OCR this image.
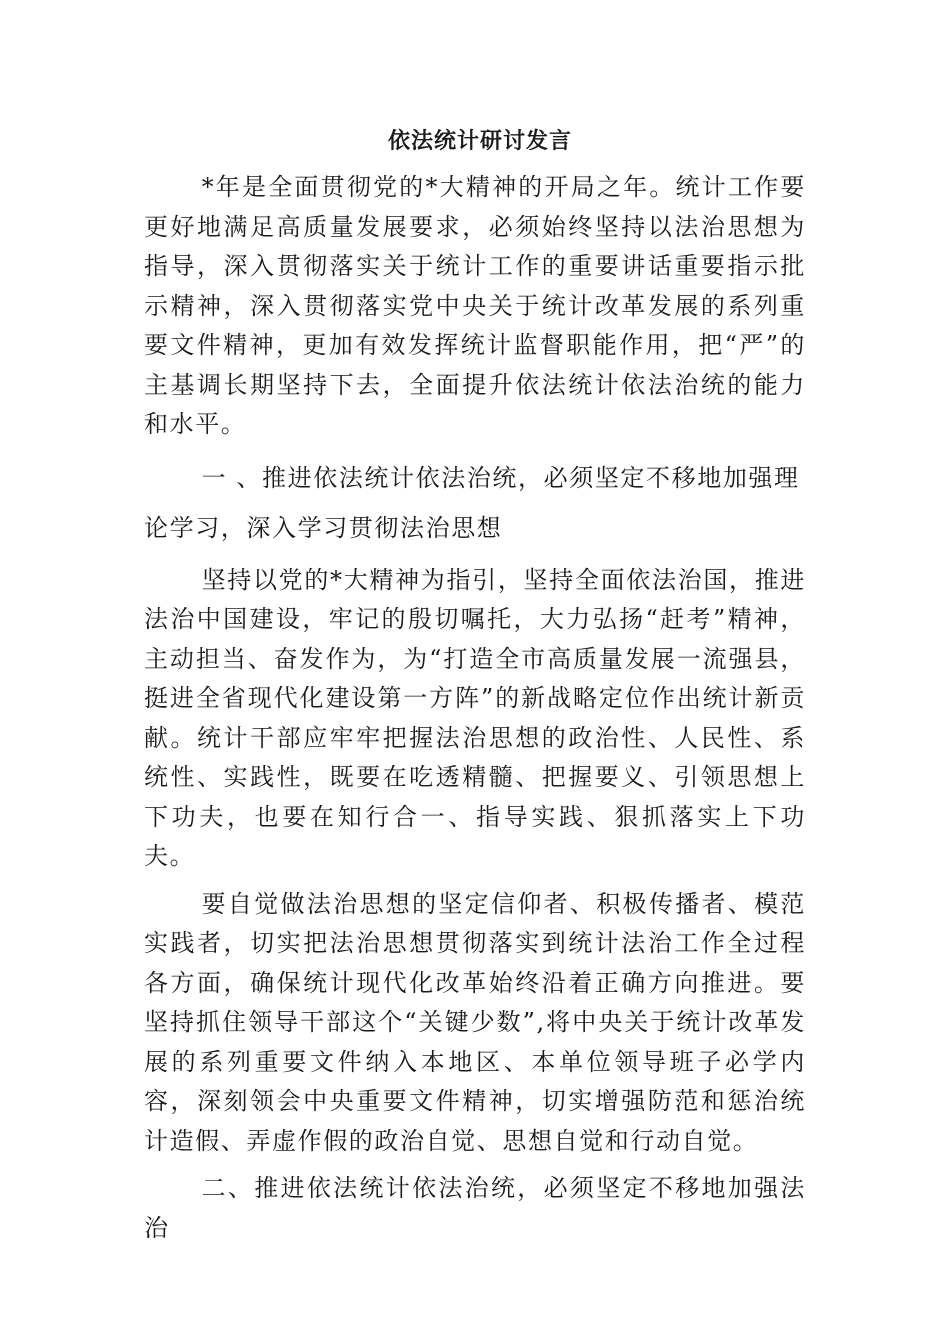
依法统计研讨发言

*年是全面贯彻党的*大精神的开局之年。统计工作要更好地满足高质量发展要求，必须始终坚持以法治思想为指导，深入贯彻落实关于统计工作的重要讲话重要指示批示精神，深入贯彻落实党中央关于统计改革发展的系列重要文件精神，更加有效发挥统计监督职能作用，把“严”的主基调长期坚持下去，全面提升依法统计依法治统的能力和水平。

一 、推进依法统计依法治统，必须坚定不移地加强理论学习，深入学习贯彻法治思想

坚持以党的*大精神为指引，坚持全面依法治国，推进法治中国建设，牢记的殷切嘱托，大力弘扬“赶考”精神，主动担当、奋发作为，为“打造全市高质量发展一流强县，挺进全省现代化建设第一方阵”的新战略定位作出统计新贡献。统计干部应牢牢把握法治思想的政治性、人民性、系统性、实践性，既要在吃透精髓、把握要义、引领思想上下功夫，也要在知行合一、指导实践、狠抓落实上下功夫。

要自觉做法治思想的坚定信仰者、积极传播者、模范实践者，切实把法治思想贯彻落实到统计法治工作全过程各方面，确保统计现代化改革始终沿着正确方向推进。要坚持抓住领导干部这个“关键少数”,将中央关于统计改革发展的系列重要文件纳入本地区、本单位领导班子必学内容，深刻领会中央重要文件精神，切实增强防范和惩治统计造假、弄虚作假的政治自觉、思想自觉和行动自觉。

二、推进依法统计依法治统，必须坚定不移地加强法治
